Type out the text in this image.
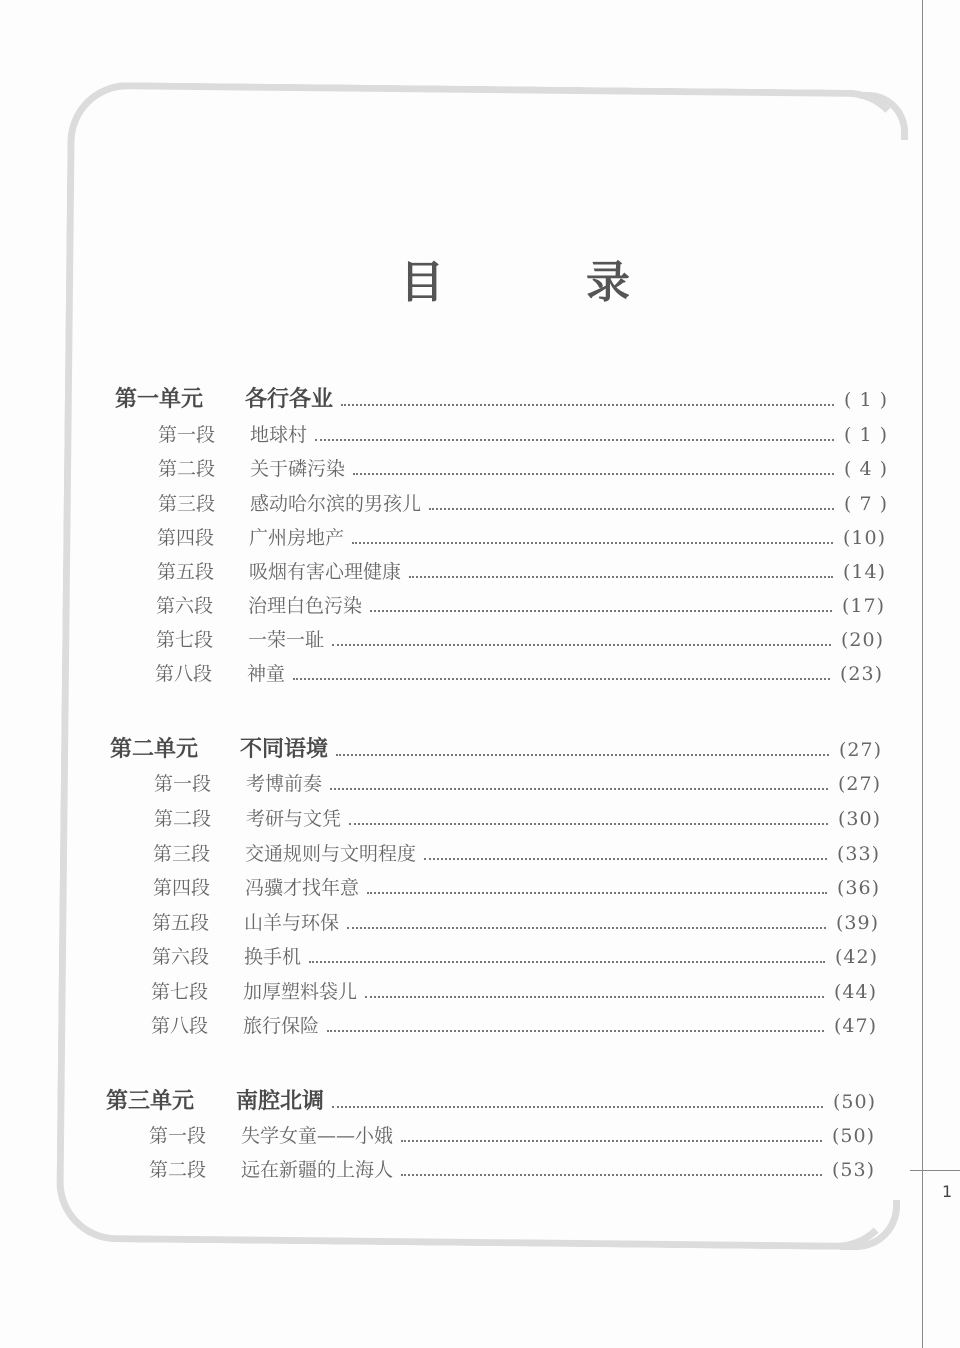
1
目	录
第一单元	各行各业	( 1 )
第一段	地球村	( 1 )
第二段	关于磷污染	( 4 )
第三段	感动哈尔滨的男孩儿	( 7 )
第四段	广州房地产	(10)
第五段	吸烟有害心理健康	(14)
第六段	治理白色污染	(17)
第七段	一荣一耻	(20)
第八段	神童	(23)
第二单元	不同语境	(27)
第一段	考博前奏	(27)
第二段	考研与文凭	(30)
第三段	交通规则与文明程度	(33)
第四段	冯骥才找年意	(36)
第五段	山羊与环保	(39)
第六段	换手机	(42)
第七段	加厚塑料袋儿	(44)
第八段	旅行保险	(47)
第三单元	南腔北调	(50)
第一段	失学女童——小娥	(50)
第二段	远在新疆的上海人	(53)
